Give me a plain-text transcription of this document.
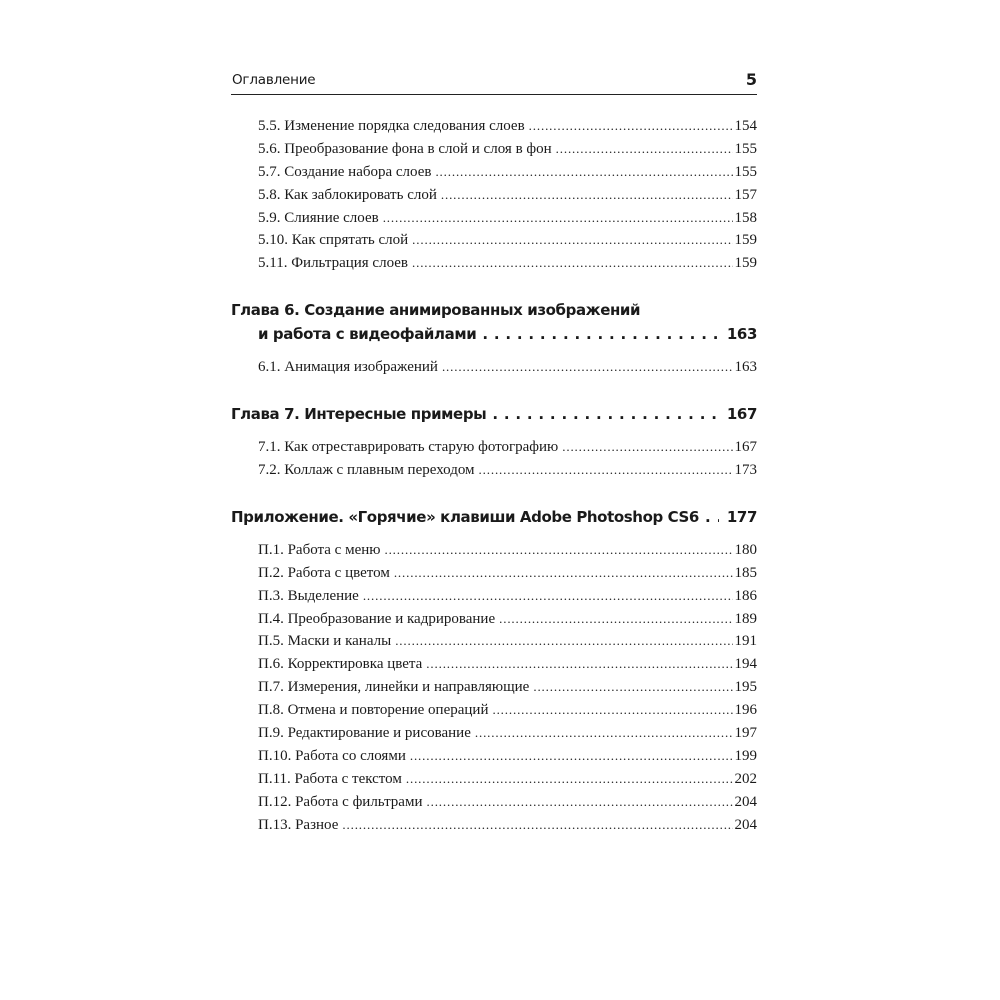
Оглавление	5
5.5. Изменение порядка следования слоев . . .	154
5.6. Преобразование фона в слой и слоя в фон . . .	155
5.7. Создание набора слоев . . .	155
5.8. Как заблокировать слой . . .	157
5.9. Слияние слоев . . .	158
5.10. Как спрятать слой . . .	159
5.11. Фильтрация слоев . . .	159
Глава 6. Создание анимированных изображений
и работа с видеофайлами . . .	163
6.1. Анимация изображений . . .	163
Глава 7. Интересные примеры . . .	167
7.1. Как отреставрировать старую фотографию . . .	167
7.2. Коллаж с плавным переходом . . .	173
Приложение. «Горячие» клавиши Adobe Photoshop CS6 . . . 177
П.1. Работа с меню . . .	180
П.2. Работа с цветом . . .	185
П.3. Выделение . . .	186
П.4. Преобразование и кадрирование . . .	189
П.5. Маски и каналы . . .	191
П.6. Корректировка цвета . . .	194
П.7. Измерения, линейки и направляющие . . .	195
П.8. Отмена и повторение операций . . .	196
П.9. Редактирование и рисование . . .	197
П.10. Работа со слоями . . .	199
П.11. Работа с текстом . . .	202
П.12. Работа с фильтрами . . .	204
П.13. Разное . . .	204
